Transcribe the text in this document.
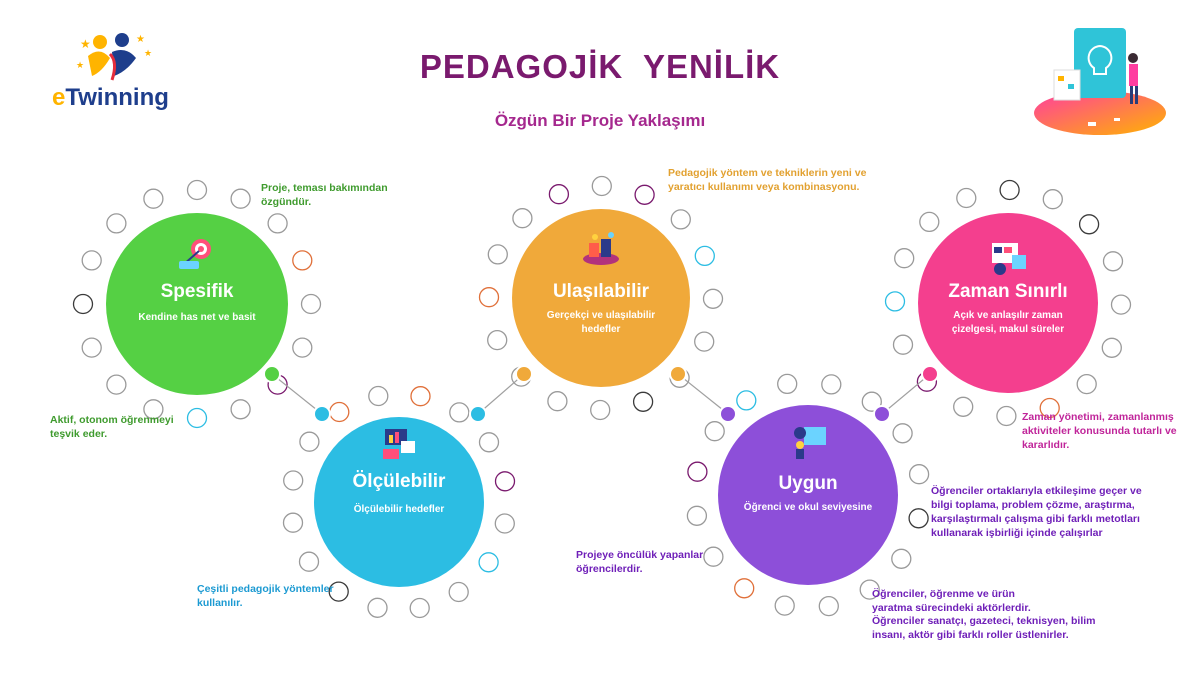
★	★
★
★
eTwinning
PEDAGOJİK  YENİLİK
Özgün Bir Proje Yaklaşımı
Spesifik
Kendine has net ve basit
Ölçülebilir
Ölçülebilir hedefler
Ulaşılabilir
Gerçekçi ve ulaşılabilir hedefler
Uygun
Öğrenci ve okul seviyesine
Zaman Sınırlı
Açık ve anlaşılır zaman çizelgesi, makul süreler
Proje, teması bakımından özgündür.
Aktif, otonom öğrenmeyi teşvik eder.
Çeşitli pedagojik yöntemler kullanılır.
Pedagojik yöntem ve tekniklerin yeni ve yaratıcı kullanımı veya kombinasyonu.
Projeye öncülük yapanlar öğrencilerdir.
Öğrenciler ortaklarıyla etkileşime geçer ve bilgi toplama, problem çözme, araştırma, karşılaştırmalı çalışma gibi farklı metotları kullanarak işbirliği içinde çalışırlar
Öğrenciler, öğrenme ve ürün yaratma sürecindeki aktörlerdir.
Öğrenciler sanatçı, gazeteci, teknisyen, bilim insanı, aktör gibi farklı roller üstlenirler.
Zaman yönetimi, zamanlanmış aktiviteler konusunda tutarlı ve kararlıdır.
